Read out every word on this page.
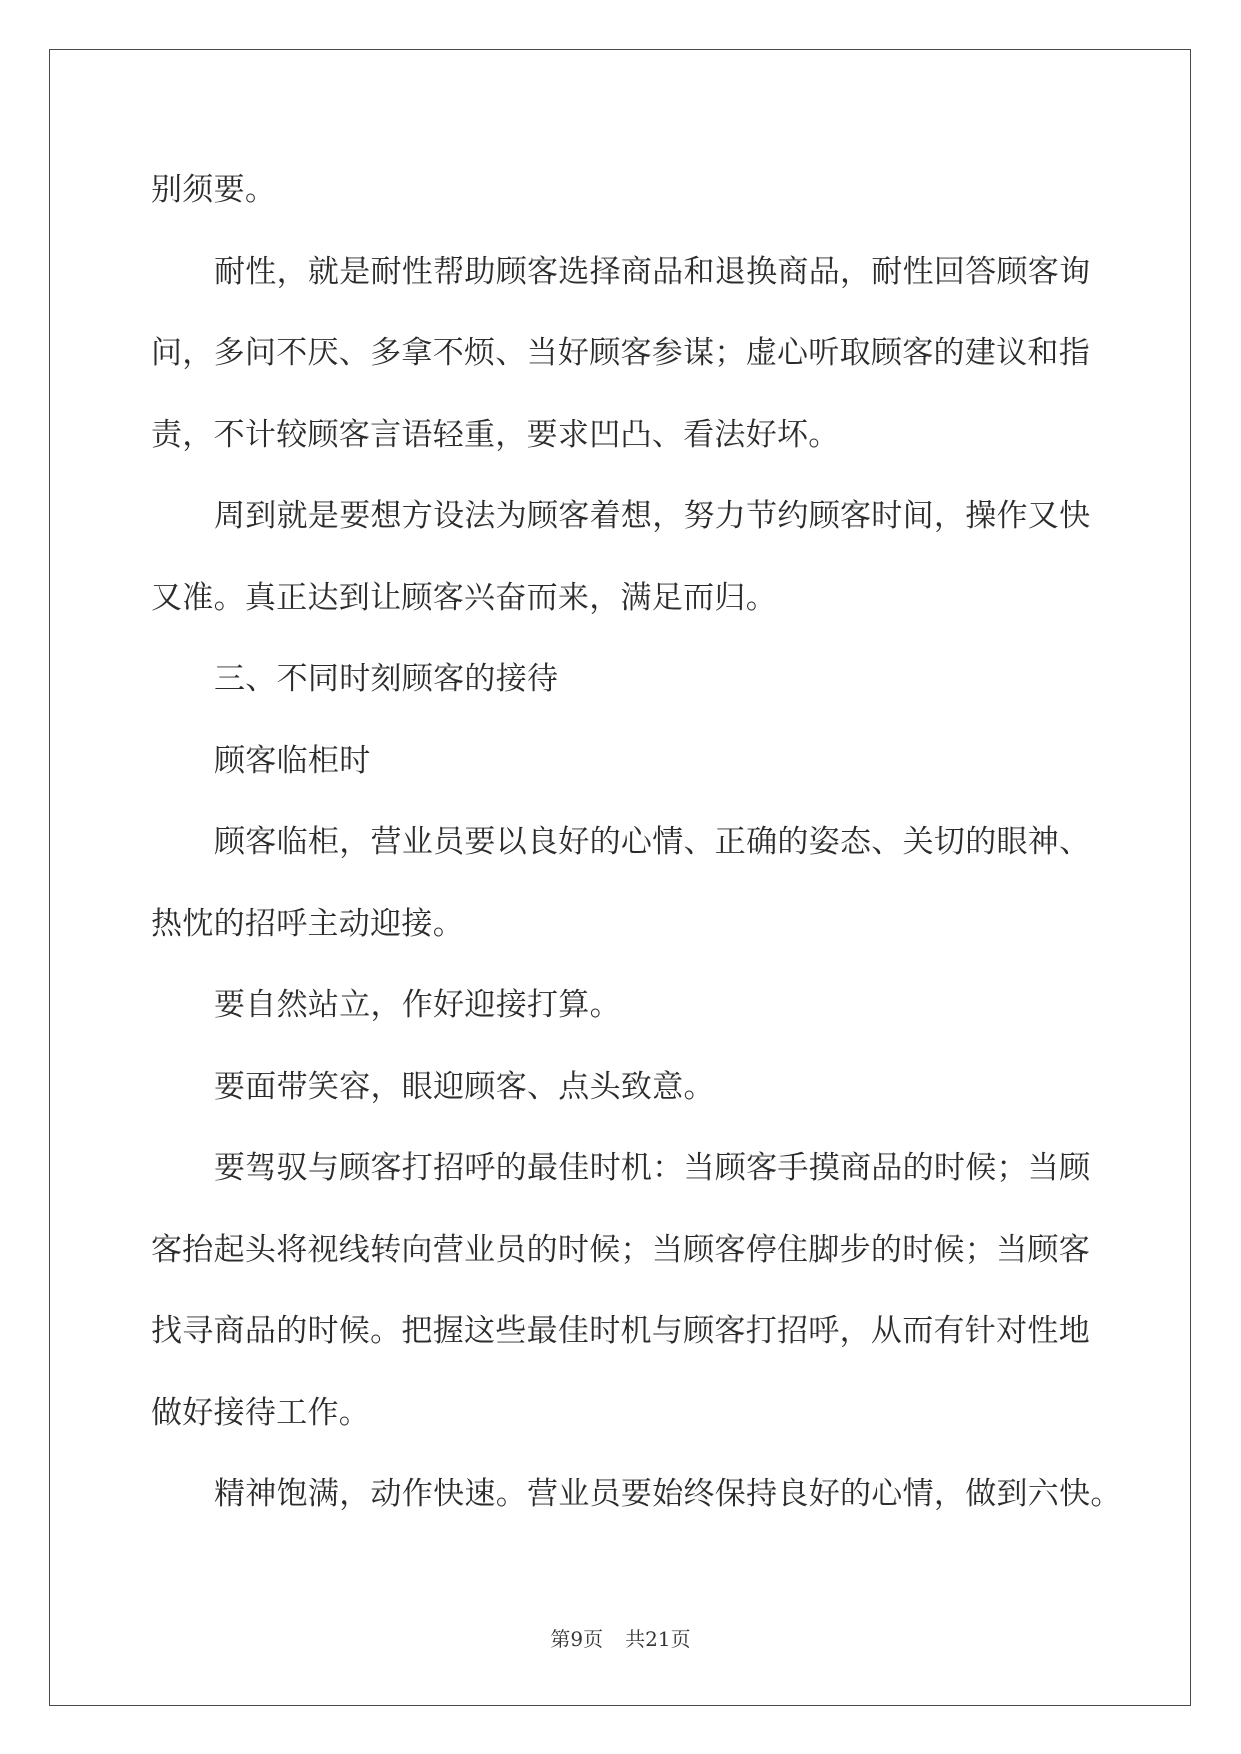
别须要。
耐性，就是耐性帮助顾客选择商品和退换商品，耐性回答顾客询
问，多问不厌、多拿不烦、当好顾客参谋；虚心听取顾客的建议和指
责，不计较顾客言语轻重，要求凹凸、看法好坏。
周到就是要想方设法为顾客着想，努力节约顾客时间，操作又快
又准。真正达到让顾客兴奋而来，满足而归。
三、不同时刻顾客的接待
顾客临柜时
顾客临柜，营业员要以良好的心情、正确的姿态、关切的眼神、
热忱的招呼主动迎接。
要自然站立，作好迎接打算。
要面带笑容，眼迎顾客、点头致意。
要驾驭与顾客打招呼的最佳时机：当顾客手摸商品的时候；当顾
客抬起头将视线转向营业员的时候；当顾客停住脚步的时候；当顾客
找寻商品的时候。把握这些最佳时机与顾客打招呼，从而有针对性地
做好接待工作。
精神饱满，动作快速。营业员要始终保持良好的心情，做到六快。
第9页 共21页
